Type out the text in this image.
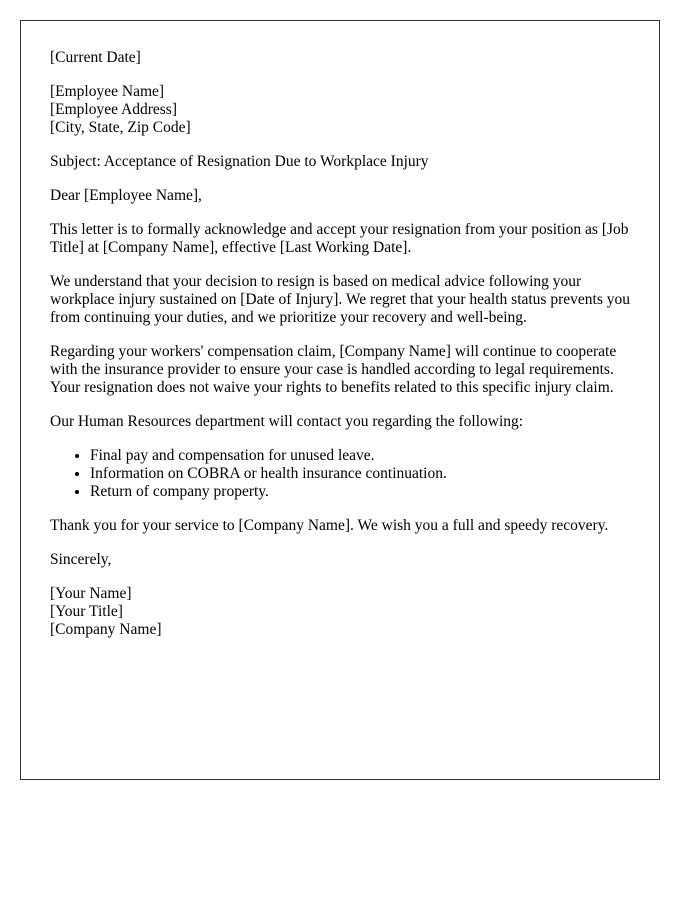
[Current Date]
[Employee Name]
[Employee Address]
[City, State, Zip Code]

Subject: Acceptance of Resignation Due to Workplace Injury

Dear [Employee Name],

This letter is to formally acknowledge and accept your resignation from your position as [Job Title] at [Company Name], effective [Last Working Date].

We understand that your decision to resign is based on medical advice following your workplace injury sustained on [Date of Injury]. We regret that your health status prevents you from continuing your duties, and we prioritize your recovery and well-being.

Regarding your workers' compensation claim, [Company Name] will continue to cooperate with the insurance provider to ensure your case is handled according to legal requirements. Your resignation does not waive your rights to benefits related to this specific injury claim.

Our Human Resources department will contact you regarding the following:

• Final pay and compensation for unused leave.
• Information on COBRA or health insurance continuation.
• Return of company property.

Thank you for your service to [Company Name]. We wish you a full and speedy recovery.

Sincerely,

[Your Name]
[Your Title]
[Company Name]
